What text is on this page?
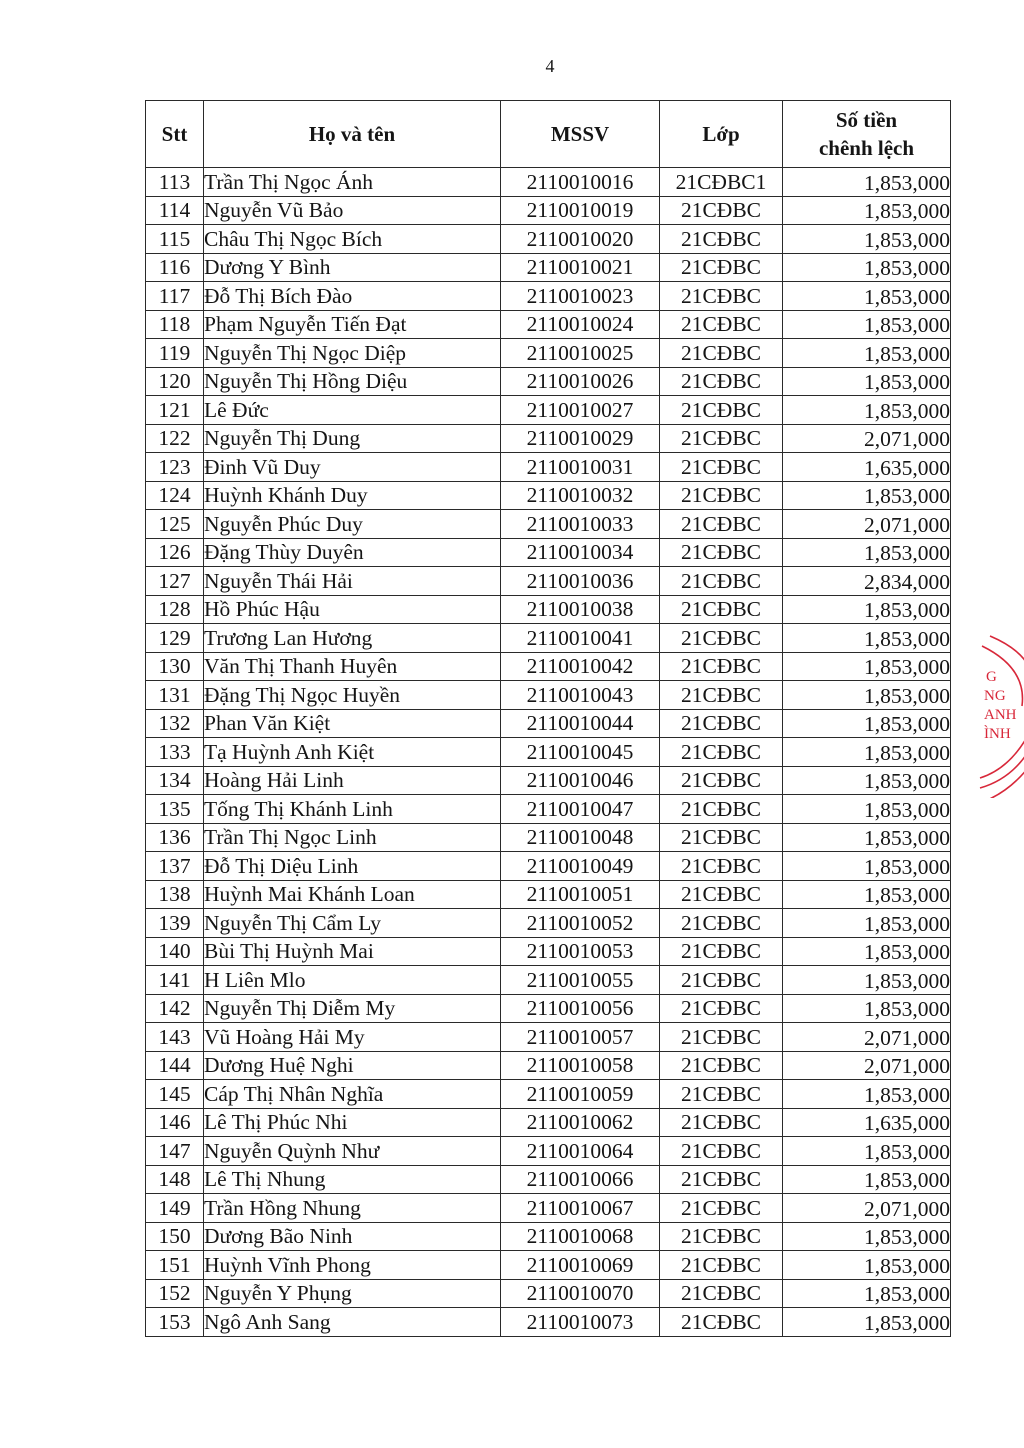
4
Stt	Họ và tên	MSSV	Lớp	Số tiền
chênh lệch
113	Trần Thị Ngọc Ánh	2110010016	21CĐBC1	1,853,000
114	Nguyễn Vũ Bảo	2110010019	21CĐBC	1,853,000
115	Châu Thị Ngọc Bích	2110010020	21CĐBC	1,853,000
116	Dương Y Bình	2110010021	21CĐBC	1,853,000
117	Đỗ Thị Bích Đào	2110010023	21CĐBC	1,853,000
118	Phạm Nguyễn Tiến Đạt	2110010024	21CĐBC	1,853,000
119	Nguyễn Thị Ngọc Diệp	2110010025	21CĐBC	1,853,000
120	Nguyễn Thị Hồng Diệu	2110010026	21CĐBC	1,853,000
121	Lê Đức	2110010027	21CĐBC	1,853,000
122	Nguyễn Thị Dung	2110010029	21CĐBC	2,071,000
123	Đinh Vũ Duy	2110010031	21CĐBC	1,635,000
124	Huỳnh Khánh Duy	2110010032	21CĐBC	1,853,000
125	Nguyễn Phúc Duy	2110010033	21CĐBC	2,071,000
126	Đặng Thùy Duyên	2110010034	21CĐBC	1,853,000
127	Nguyễn Thái Hải	2110010036	21CĐBC	2,834,000
128	Hồ Phúc Hậu	2110010038	21CĐBC	1,853,000
129	Trương Lan Hương	2110010041	21CĐBC	1,853,000
130	Văn Thị Thanh Huyên	2110010042	21CĐBC	1,853,000
131	Đặng Thị Ngọc Huyền	2110010043	21CĐBC	1,853,000
132	Phan Văn Kiệt	2110010044	21CĐBC	1,853,000
133	Tạ Huỳnh Anh Kiệt	2110010045	21CĐBC	1,853,000
134	Hoàng Hải Linh	2110010046	21CĐBC	1,853,000
135	Tống Thị Khánh Linh	2110010047	21CĐBC	1,853,000
136	Trần Thị Ngọc Linh	2110010048	21CĐBC	1,853,000
137	Đỗ Thị Diệu Linh	2110010049	21CĐBC	1,853,000
138	Huỳnh Mai Khánh Loan	2110010051	21CĐBC	1,853,000
139	Nguyễn Thị Cẩm Ly	2110010052	21CĐBC	1,853,000
140	Bùi Thị Huỳnh Mai	2110010053	21CĐBC	1,853,000
141	H Liên Mlo	2110010055	21CĐBC	1,853,000
142	Nguyễn Thị Diễm My	2110010056	21CĐBC	1,853,000
143	Vũ Hoàng Hải My	2110010057	21CĐBC	2,071,000
144	Dương Huệ Nghi	2110010058	21CĐBC	2,071,000
145	Cáp Thị Nhân Nghĩa	2110010059	21CĐBC	1,853,000
146	Lê Thị Phúc Nhi	2110010062	21CĐBC	1,635,000
147	Nguyễn Quỳnh Như	2110010064	21CĐBC	1,853,000
148	Lê Thị Nhung	2110010066	21CĐBC	1,853,000
149	Trần Hồng Nhung	2110010067	21CĐBC	2,071,000
150	Dương Bão Ninh	2110010068	21CĐBC	1,853,000
151	Huỳnh Vĩnh Phong	2110010069	21CĐBC	1,853,000
152	Nguyễn Y Phụng	2110010070	21CĐBC	1,853,000
153	Ngô Anh Sang	2110010073	21CĐBC	1,853,000
G
NG
ANH
ÌNH
